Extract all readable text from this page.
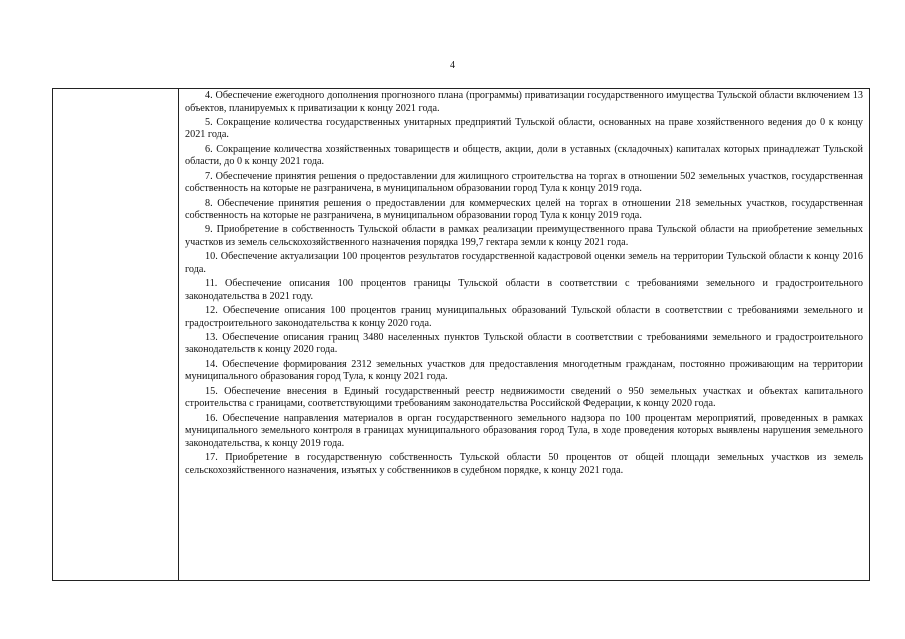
4

4. Обеспечение ежегодного дополнения прогнозного плана (программы) приватизации государственного имущества Тульской области включением 13 объектов, планируемых к приватизации к концу 2021 года.

5. Сокращение количества государственных унитарных предприятий Тульской области, основанных на праве хозяйственного ведения до 0 к концу 2021 года.

6. Сокращение количества хозяйственных товариществ и обществ, акции, доли в уставных (складочных) капиталах которых принадлежат Тульской области, до 0 к концу 2021 года.

7. Обеспечение принятия решения о предоставлении для жилищного строительства на торгах в отношении 502 земельных участков, государственная собственность на которые не разграничена, в муниципальном образовании город Тула к концу 2019 года.

8. Обеспечение принятия решения о предоставлении для коммерческих целей на торгах в отношении 218 земельных участков, государственная собственность на которые не разграничена, в муниципальном образовании город Тула к концу 2019 года.

9. Приобретение в собственность Тульской области в рамках реализации преимущественного права Тульской области на приобретение земельных участков из земель сельскохозяйственного назначения порядка 199,7 гектара земли к концу 2021 года.

10. Обеспечение актуализации 100 процентов результатов государственной кадастровой оценки земель на территории Тульской области к концу 2016 года.

11. Обеспечение описания 100 процентов границы Тульской области в соответствии с требованиями земельного и градостроительного законодательства в 2021 году.

12. Обеспечение описания 100 процентов границ муниципальных образований Тульской области в соответствии с требованиями земельного и градостроительного законодательства к концу 2020 года.

13. Обеспечение описания границ 3480 населенных пунктов Тульской области в соответствии с требованиями земельного и градостроительного законодательств к концу 2020 года.

14. Обеспечение формирования 2312 земельных участков для предоставления многодетным гражданам, постоянно проживающим на территории муниципального образования город Тула, к концу 2021 года.

15. Обеспечение внесения в Единый государственный реестр недвижимости сведений о 950 земельных участках и объектах капитального строительства с границами, соответствующими требованиям законодательства Российской Федерации, к концу 2020 года.

16. Обеспечение направления материалов в орган государственного земельного надзора по 100 процентам мероприятий, проведенных в рамках муниципального земельного контроля в границах муниципального образования город Тула, в ходе проведения которых выявлены нарушения земельного законодательства, к концу 2019 года.

17. Приобретение в государственную собственность Тульской области 50 процентов от общей площади земельных участков из земель сельскохозяйственного назначения, изъятых у собственников в судебном порядке, к концу 2021 года.
